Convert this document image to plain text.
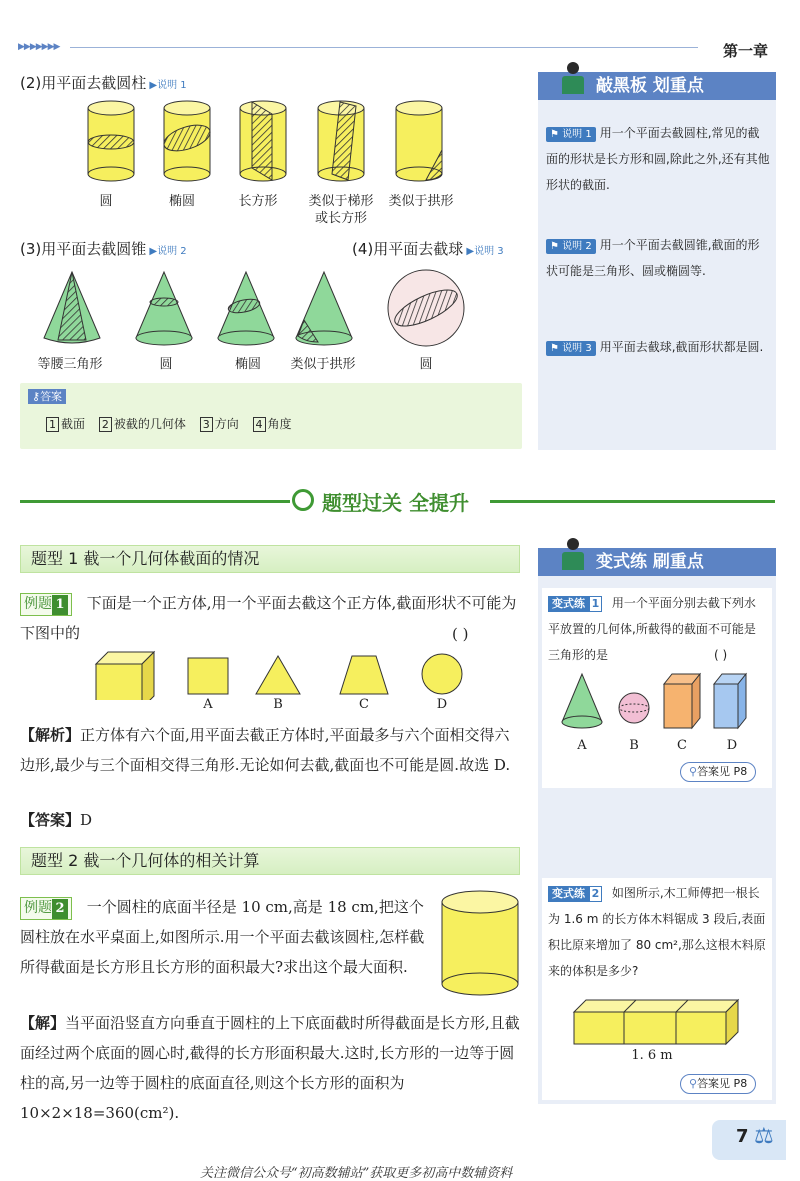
▶▶▶▶▶▶▶	第一章
(2)用平面去截圆柱 ▶说明 1
圆	椭圆	长方形	类似于梯形
或长方形
类似于拱形
(3)用平面去截圆锥 ▶说明 2	(4)用平面去截球 ▶说明 3
等腰三角形	圆	椭圆	类似于拱形	圆
⚷答案
1 截面 2 被截的几何体 3 方向 4 角度
敲黑板 划重点
⚑ 说明 1 用一个平面去截圆柱,常见的截面的形状是长方形和圆,除此之外,还有其他形状的截面.
⚑ 说明 2 用一个平面去截圆锥,截面的形状可能是三角形、圆或椭圆等.
⚑ 说明 3 用平面去截球,截面形状都是圆.
题型过关 全提升
题型 1 截一个几何体截面的情况
例题 1 下面是一个正方体,用一个平面去截这个正方体,截面形状不可能为下图中的	( )
A	B	C	D
【解析】正方体有六个面,用平面去截正方体时,平面最多与六个面相交得六边形,最少与三个面相交得三角形.无论如何去截,截面也不可能是圆.故选 D.
【答案】D
题型 2 截一个几何体的相关计算
例题 2 一个圆柱的底面半径是 10 cm,高是 18 cm,把这个圆柱放在水平桌面上,如图所示.用一个平面去截该圆柱,怎样截所得截面是长方形且长方形的面积最大?求出这个最大面积.
【解】当平面沿竖直方向垂直于圆柱的上下底面截时所得截面是长方形,且截面经过两个底面的圆心时,截得的长方形面积最大.这时,长方形的一边等于圆柱的高,另一边等于圆柱的底面直径,则这个长方形的面积为 10×2×18=360(cm²).
变式练 刷重点
变式练 1 用一个平面分别去截下列水平放置的几何体,所截得的截面不可能是三角形的是	( )
A	B	C	D
⚲答案见 P8
变式练 2 如图所示,木工师傅把一根长为 1.6 m 的长方体木料锯成 3 段后,表面积比原来增加了 80 cm²,那么这根木料原来的体积是多少?
1. 6 m
⚲答案见 P8
7 ⚖
关注微信公众号“初高数辅站”获取更多初高中数辅资料
